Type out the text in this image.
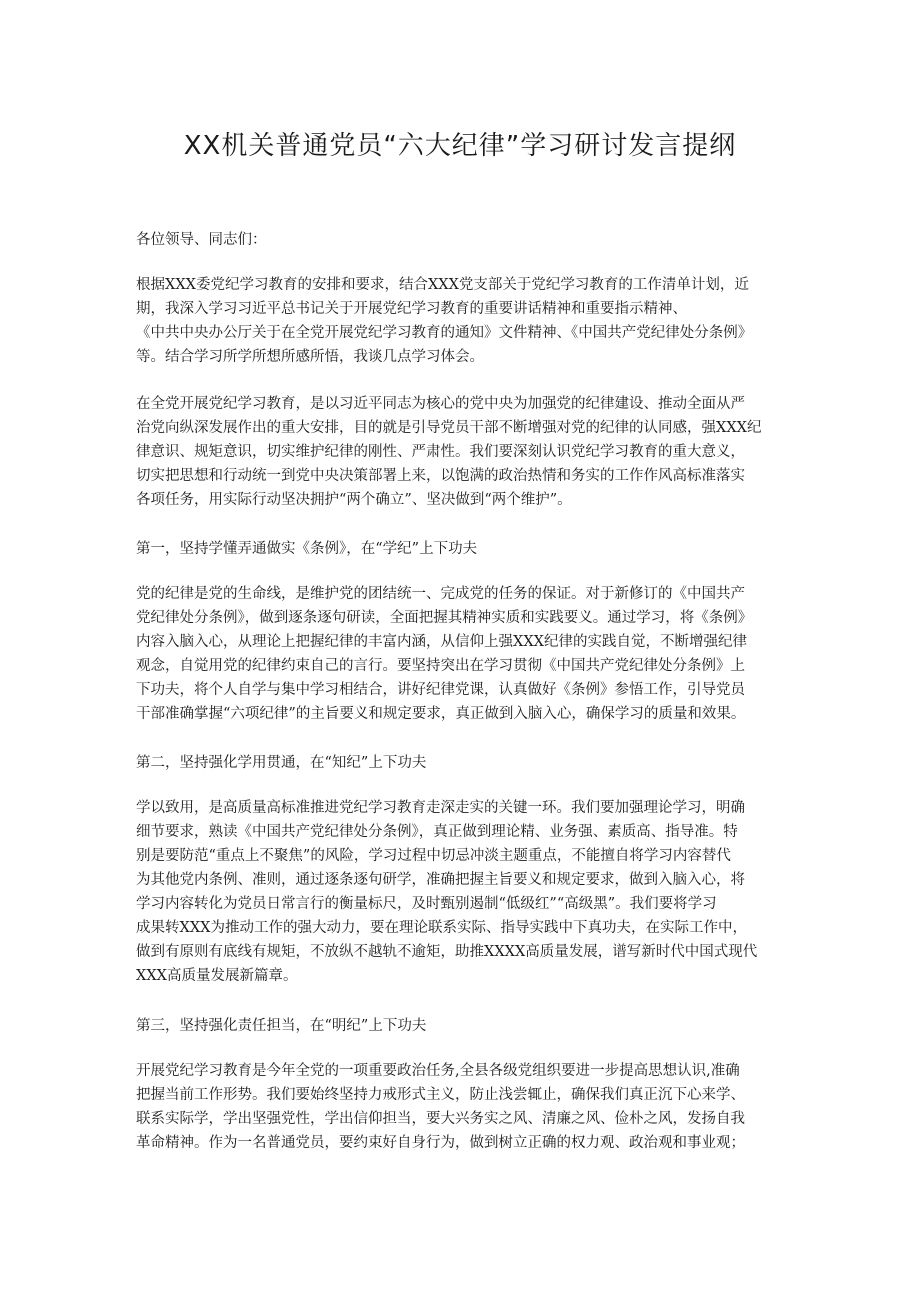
XX机关普通党员“六大纪律”学习研讨发言提纲

各位领导、同志们：

根据XXX委党纪学习教育的安排和要求，结合XXX党支部关于党纪学习教育的工作清单计划，近
期，我深入学习习近平总书记关于开展党纪学习教育的重要讲话精神和重要指示精神、
《中共中央办公厅关于在全党开展党纪学习教育的通知》文件精神、《中国共产党纪律处分条例》
等。结合学习所学所想所感所悟，我谈几点学习体会。

在全党开展党纪学习教育，是以习近平同志为核心的党中央为加强党的纪律建设、推动全面从严
治党向纵深发展作出的重大安排，目的就是引导党员干部不断增强对党的纪律的认同感，强XXX纪
律意识、规矩意识，切实维护纪律的刚性、严肃性。我们要深刻认识党纪学习教育的重大意义，
切实把思想和行动统一到党中央决策部署上来，以饱满的政治热情和务实的工作作风高标准落实
各项任务，用实际行动坚决拥护“两个确立”、坚决做到“两个维护”。

第一，坚持学懂弄通做实《条例》，在“学纪”上下功夫

党的纪律是党的生命线，是维护党的团结统一、完成党的任务的保证。对于新修订的《中国共产
党纪律处分条例》，做到逐条逐句研读，全面把握其精神实质和实践要义。通过学习，将《条例》
内容入脑入心，从理论上把握纪律的丰富内涵，从信仰上强XXX纪律的实践自觉，不断增强纪律
观念，自觉用党的纪律约束自己的言行。要坚持突出在学习贯彻《中国共产党纪律处分条例》上
下功夫，将个人自学与集中学习相结合，讲好纪律党课，认真做好《条例》参悟工作，引导党员
干部准确掌握“六项纪律”的主旨要义和规定要求，真正做到入脑入心，确保学习的质量和效果。

第二，坚持强化学用贯通，在“知纪”上下功夫

学以致用，是高质量高标准推进党纪学习教育走深走实的关键一环。我们要加强理论学习，明确
细节要求，熟读《中国共产党纪律处分条例》，真正做到理论精、业务强、素质高、指导准。特
别是要防范“重点上不聚焦”的风险，学习过程中切忌冲淡主题重点，不能擅自将学习内容替代
为其他党内条例、准则，通过逐条逐句研学，准确把握主旨要义和规定要求，做到入脑入心，将
学习内容转化为党员日常言行的衡量标尺，及时甄别遏制“低级红”“高级黑”。我们要将学习
成果转XXX为推动工作的强大动力，要在理论联系实际、指导实践中下真功夫，在实际工作中，
做到有原则有底线有规矩，不放纵不越轨不逾矩，助推XXXX高质量发展，谱写新时代中国式现代
XXX高质量发展新篇章。

第三，坚持强化责任担当，在“明纪”上下功夫

开展党纪学习教育是今年全党的一项重要政治任务,全县各级党组织要进一步提高思想认识,准确
把握当前工作形势。我们要始终坚持力戒形式主义，防止浅尝辄止，确保我们真正沉下心来学、
联系实际学，学出坚强党性，学出信仰担当，要大兴务实之风、清廉之风、俭朴之风，发扬自我
革命精神。作为一名普通党员，要约束好自身行为，做到树立正确的权力观、政治观和事业观；
